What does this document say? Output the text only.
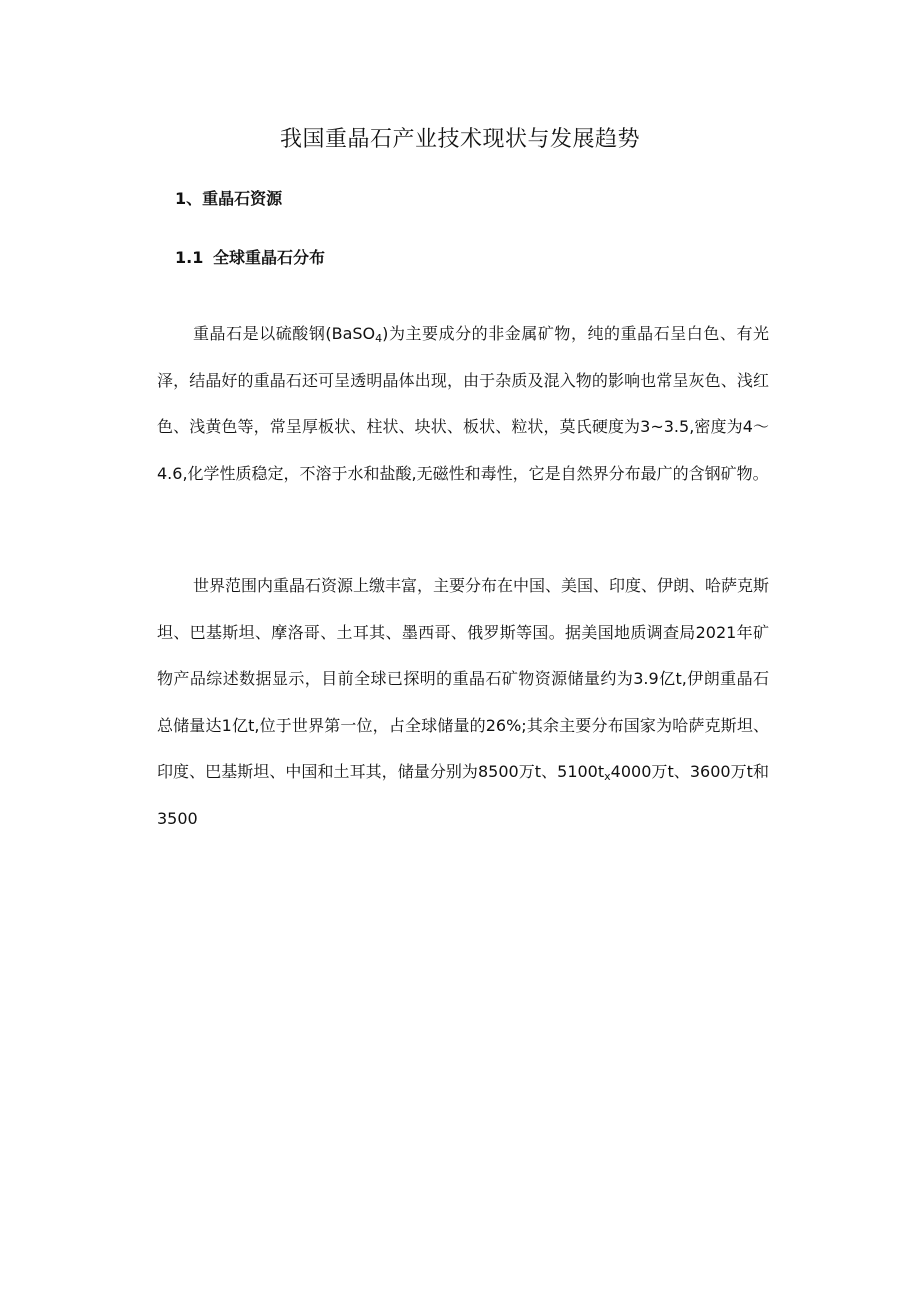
我国重晶石产业技术现状与发展趋势
1、重晶石资源
1.1 全球重晶石分布

重晶石是以硫酸钢(BaSO$_4$)为主要成分的非金属矿物，纯的重晶石呈白色、有光泽，结晶好的重晶石还可呈透明晶体出现，由于杂质及混入物的影响也常呈灰色、浅红色、浅黄色等，常呈厚板状、柱状、块状、板状、粒状，莫氏硬度为3~3.5,密度为4～4.6,化学性质稳定，不溶于水和盐酸,无磁性和毒性，它是自然界分布最广的含钢矿物。

世界范围内重晶石资源上缴丰富，主要分布在中国、美国、印度、伊朗、哈萨克斯坦、巴基斯坦、摩洛哥、土耳其、墨西哥、俄罗斯等国。据美国地质调查局2021年矿物产品综述数据显示，目前全球已探明的重晶石矿物资源储量约为3.9亿t,伊朗重晶石总储量达1亿t,位于世界第一位，占全球储量的26%;其余主要分布国家为哈萨克斯坦、印度、巴基斯坦、中国和土耳其，储量分别为8500万t、$5100t_x4000$万t、3600万t和3500
